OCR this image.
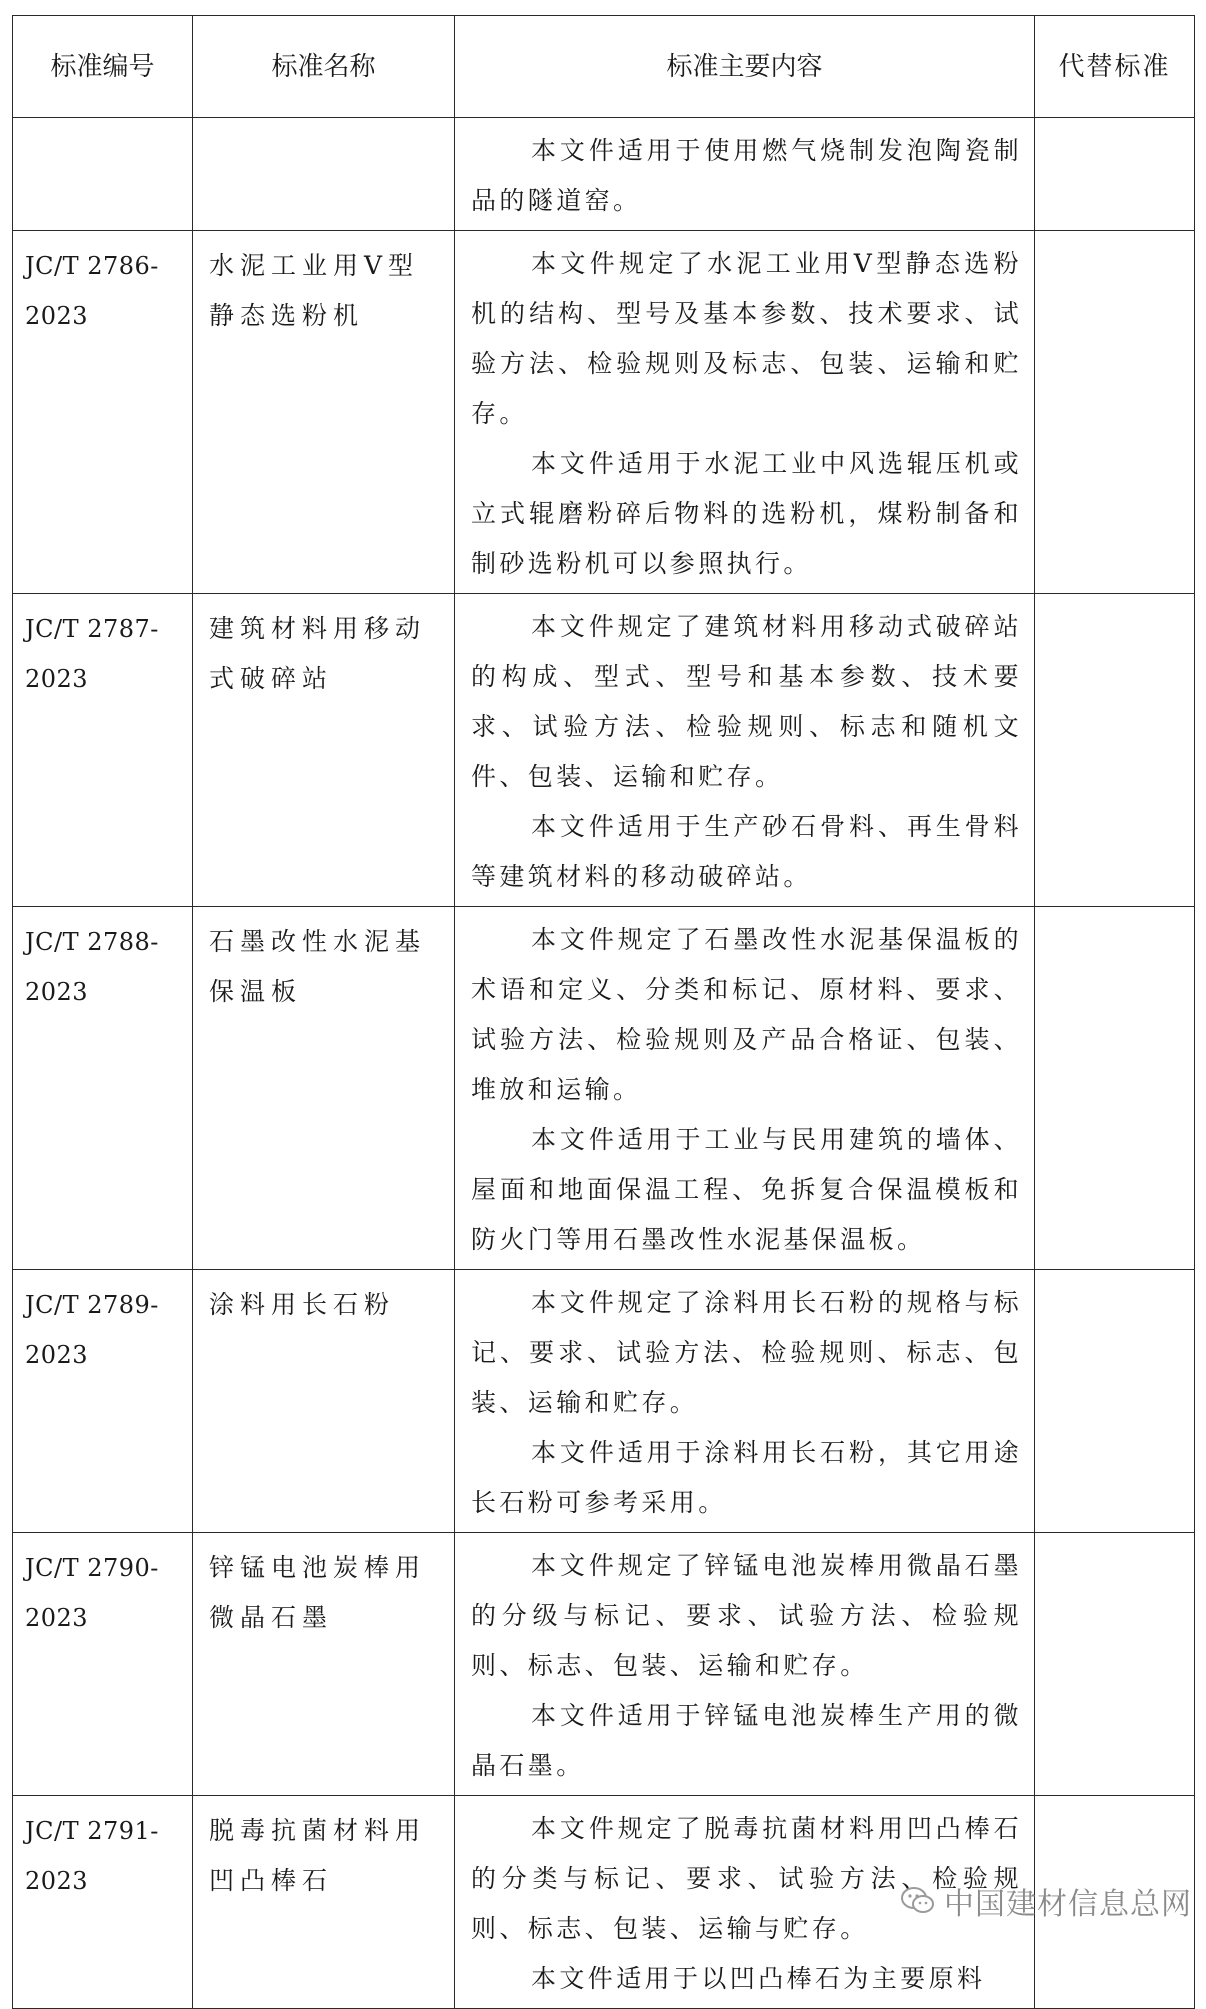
标准编号	标准名称	标准主要内容	代替标准

		本文件适用于使用燃气烧制发泡陶瓷制品的隧道窑。	

JC/T 2786-2023	水泥工业用V型静态选粉机	本文件规定了水泥工业用V型静态选粉机的结构、型号及基本参数、技术要求、试验方法、检验规则及标志、包装、运输和贮存。

本文件适用于水泥工业中风选辊压机或立式辊磨粉碎后物料的选粉机，煤粉制备和制砂选粉机可以参照执行。	

JC/T 2787-2023	建筑材料用移动式破碎站	本文件规定了建筑材料用移动式破碎站的构成、型式、型号和基本参数、技术要求、试验方法、检验规则、标志和随机文件、包装、运输和贮存。

本文件适用于生产砂石骨料、再生骨料等建筑材料的移动破碎站。	

JC/T 2788-2023	石墨改性水泥基保温板	本文件规定了石墨改性水泥基保温板的术语和定义、分类和标记、原材料、要求、试验方法、检验规则及产品合格证、包装、堆放和运输。

本文件适用于工业与民用建筑的墙体、屋面和地面保温工程、免拆复合保温模板和防火门等用石墨改性水泥基保温板。	

JC/T 2789-2023	涂料用长石粉	本文件规定了涂料用长石粉的规格与标记、要求、试验方法、检验规则、标志、包装、运输和贮存。

本文件适用于涂料用长石粉，其它用途长石粉可参考采用。	

JC/T 2790-2023	锌锰电池炭棒用微晶石墨	本文件规定了锌锰电池炭棒用微晶石墨的分级与标记、要求、试验方法、检验规则、标志、包装、运输和贮存。

本文件适用于锌锰电池炭棒生产用的微晶石墨。	

JC/T 2791-2023	脱毒抗菌材料用凹凸棒石	本文件规定了脱毒抗菌材料用凹凸棒石的分类与标记、要求、试验方法、检验规则、标志、包装、运输与贮存。

本文件适用于以凹凸棒石为主要原料	

中国建材信息总网
